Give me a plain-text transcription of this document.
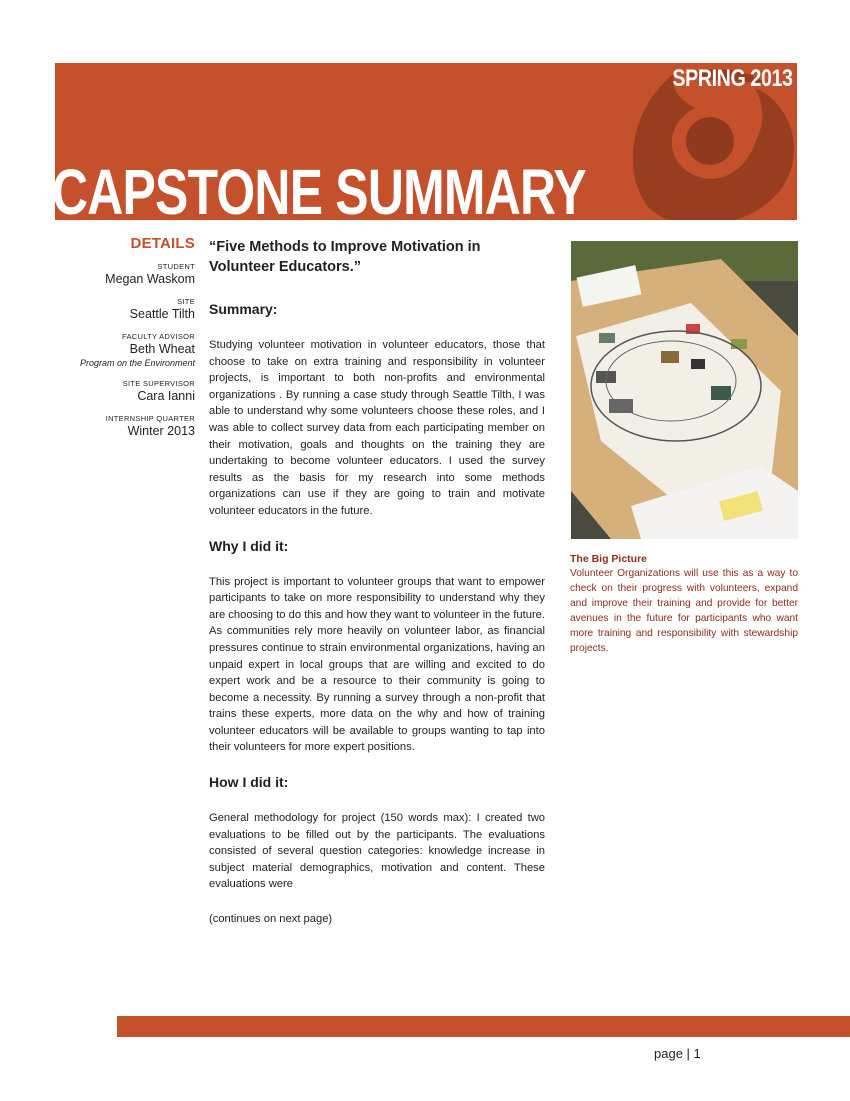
SPRING 2013
CAPSTONE SUMMARY
DETAILS
STUDENT
Megan Waskom
SITE
Seattle Tilth
FACULTY ADVISOR
Beth Wheat
Program on the Environment
SITE SUPERVISOR
Cara Ianni
INTERNSHIP QUARTER
Winter 2013
“Five Methods to Improve Motivation in Volunteer Educators.”
Summary:

Studying volunteer motivation in volunteer educators, those that choose to take on extra training and responsibility in volunteer projects, is important to both non-profits and environmental organizations . By running a case study through Seattle Tilth, I was able to understand why some volunteers choose these roles, and I was able to collect survey data from each participating member on their motivation, goals and thoughts on the training they are undertaking to become volunteer educators. I used the survey results as the basis for my research into some methods organizations can use if they are going to train and motivate volunteer educators in the future.

Why I did it:

This project is important to volunteer groups that want to empower participants to take on more responsibility to understand why they are choosing to do this and how they want to volunteer in the future. As communities rely more heavily on volunteer labor, as financial pressures continue to strain environmental organizations, having an unpaid expert in local groups that are willing and excited to do expert work and be a resource to their community is going to become a necessity. By running a survey through a non-profit that trains these experts, more data on the why and how of training volunteer educators will be available to groups wanting to tap into their volunteers for more expert positions.

How I did it:

General methodology for project (150 words max): I created two evaluations to be filled out by the participants. The evaluations consisted of several question categories: knowledge increase in subject material demographics, motivation and content. These evaluations were

(continues on next page)

The Big Picture
Volunteer Organizations will use this as a way to check on their progress with volunteers, expand and improve their training and provide for better avenues in the future for participants who want more training and responsibility with stewardship projects.
page | 1
